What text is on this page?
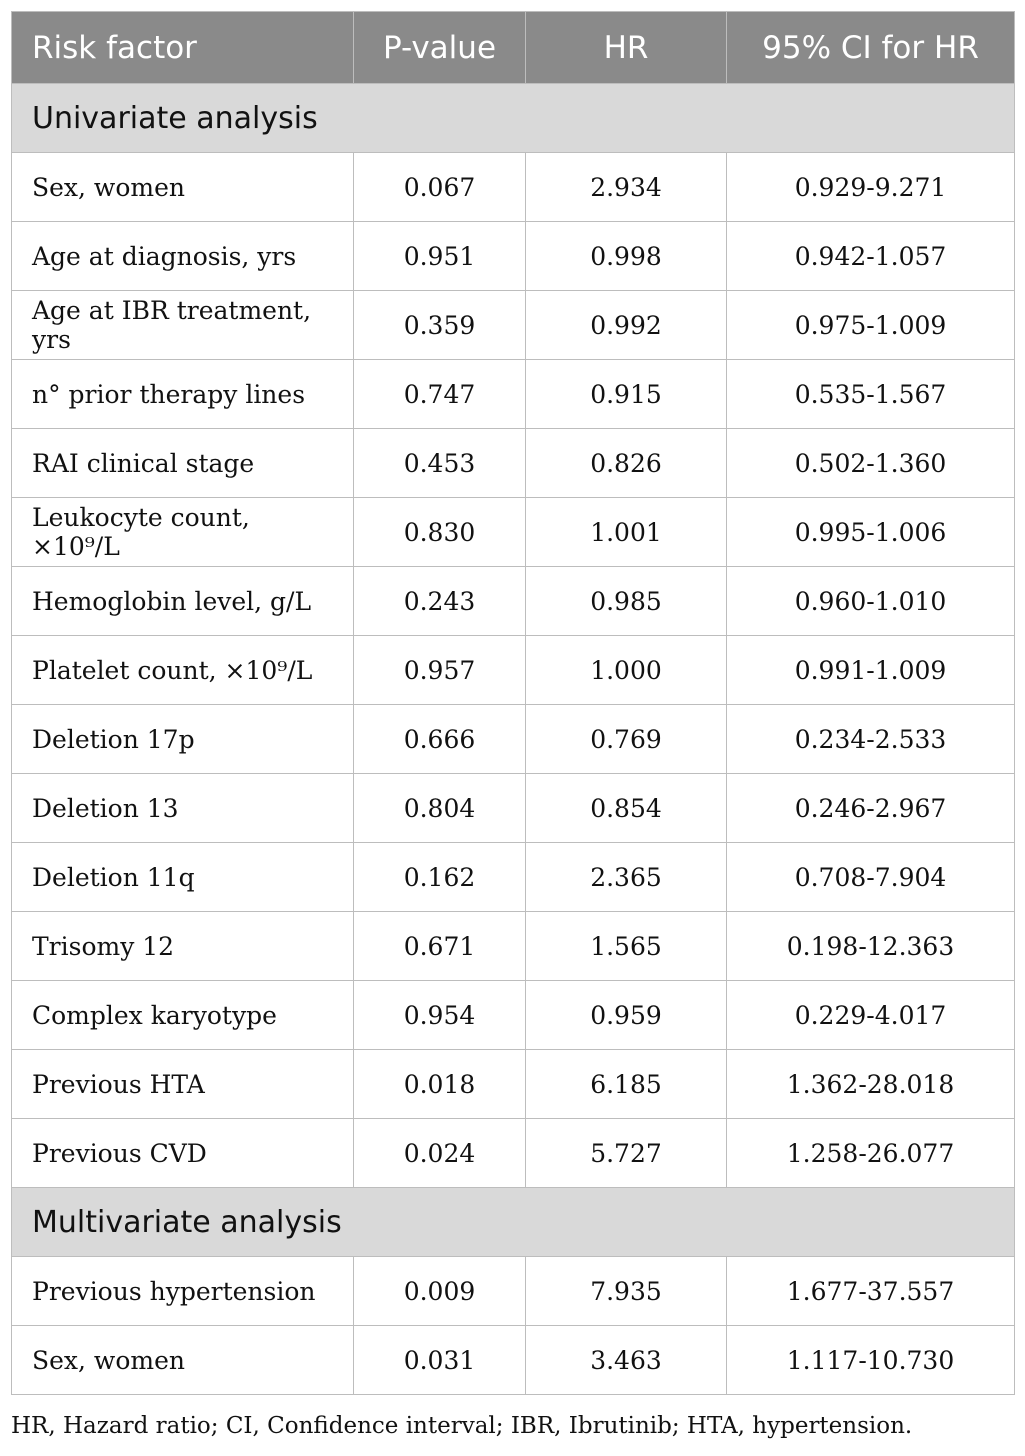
Risk factor	P-value	HR	95% CI for HR
Univariate analysis			
Sex, women	0.067	2.934	0.929-9.271
Age at diagnosis, yrs	0.951	0.998	0.942-1.057
Age at IBR treatment, yrs	0.359	0.992	0.975-1.009
n° prior therapy lines	0.747	0.915	0.535-1.567
RAI clinical stage	0.453	0.826	0.502-1.360
Leukocyte count, ×10⁹/L	0.830	1.001	0.995-1.006
Hemoglobin level, g/L	0.243	0.985	0.960-1.010
Platelet count, ×10⁹/L	0.957	1.000	0.991-1.009
Deletion 17p	0.666	0.769	0.234-2.533
Deletion 13	0.804	0.854	0.246-2.967
Deletion 11q	0.162	2.365	0.708-7.904
Trisomy 12	0.671	1.565	0.198-12.363
Complex karyotype	0.954	0.959	0.229-4.017
Previous HTA	0.018	6.185	1.362-28.018
Previous CVD	0.024	5.727	1.258-26.077
Multivariate analysis			
Previous hypertension	0.009	7.935	1.677-37.557
Sex, women	0.031	3.463	1.117-10.730
HR, Hazard ratio; CI, Confidence interval; IBR, Ibrutinib; HTA, hypertension.
